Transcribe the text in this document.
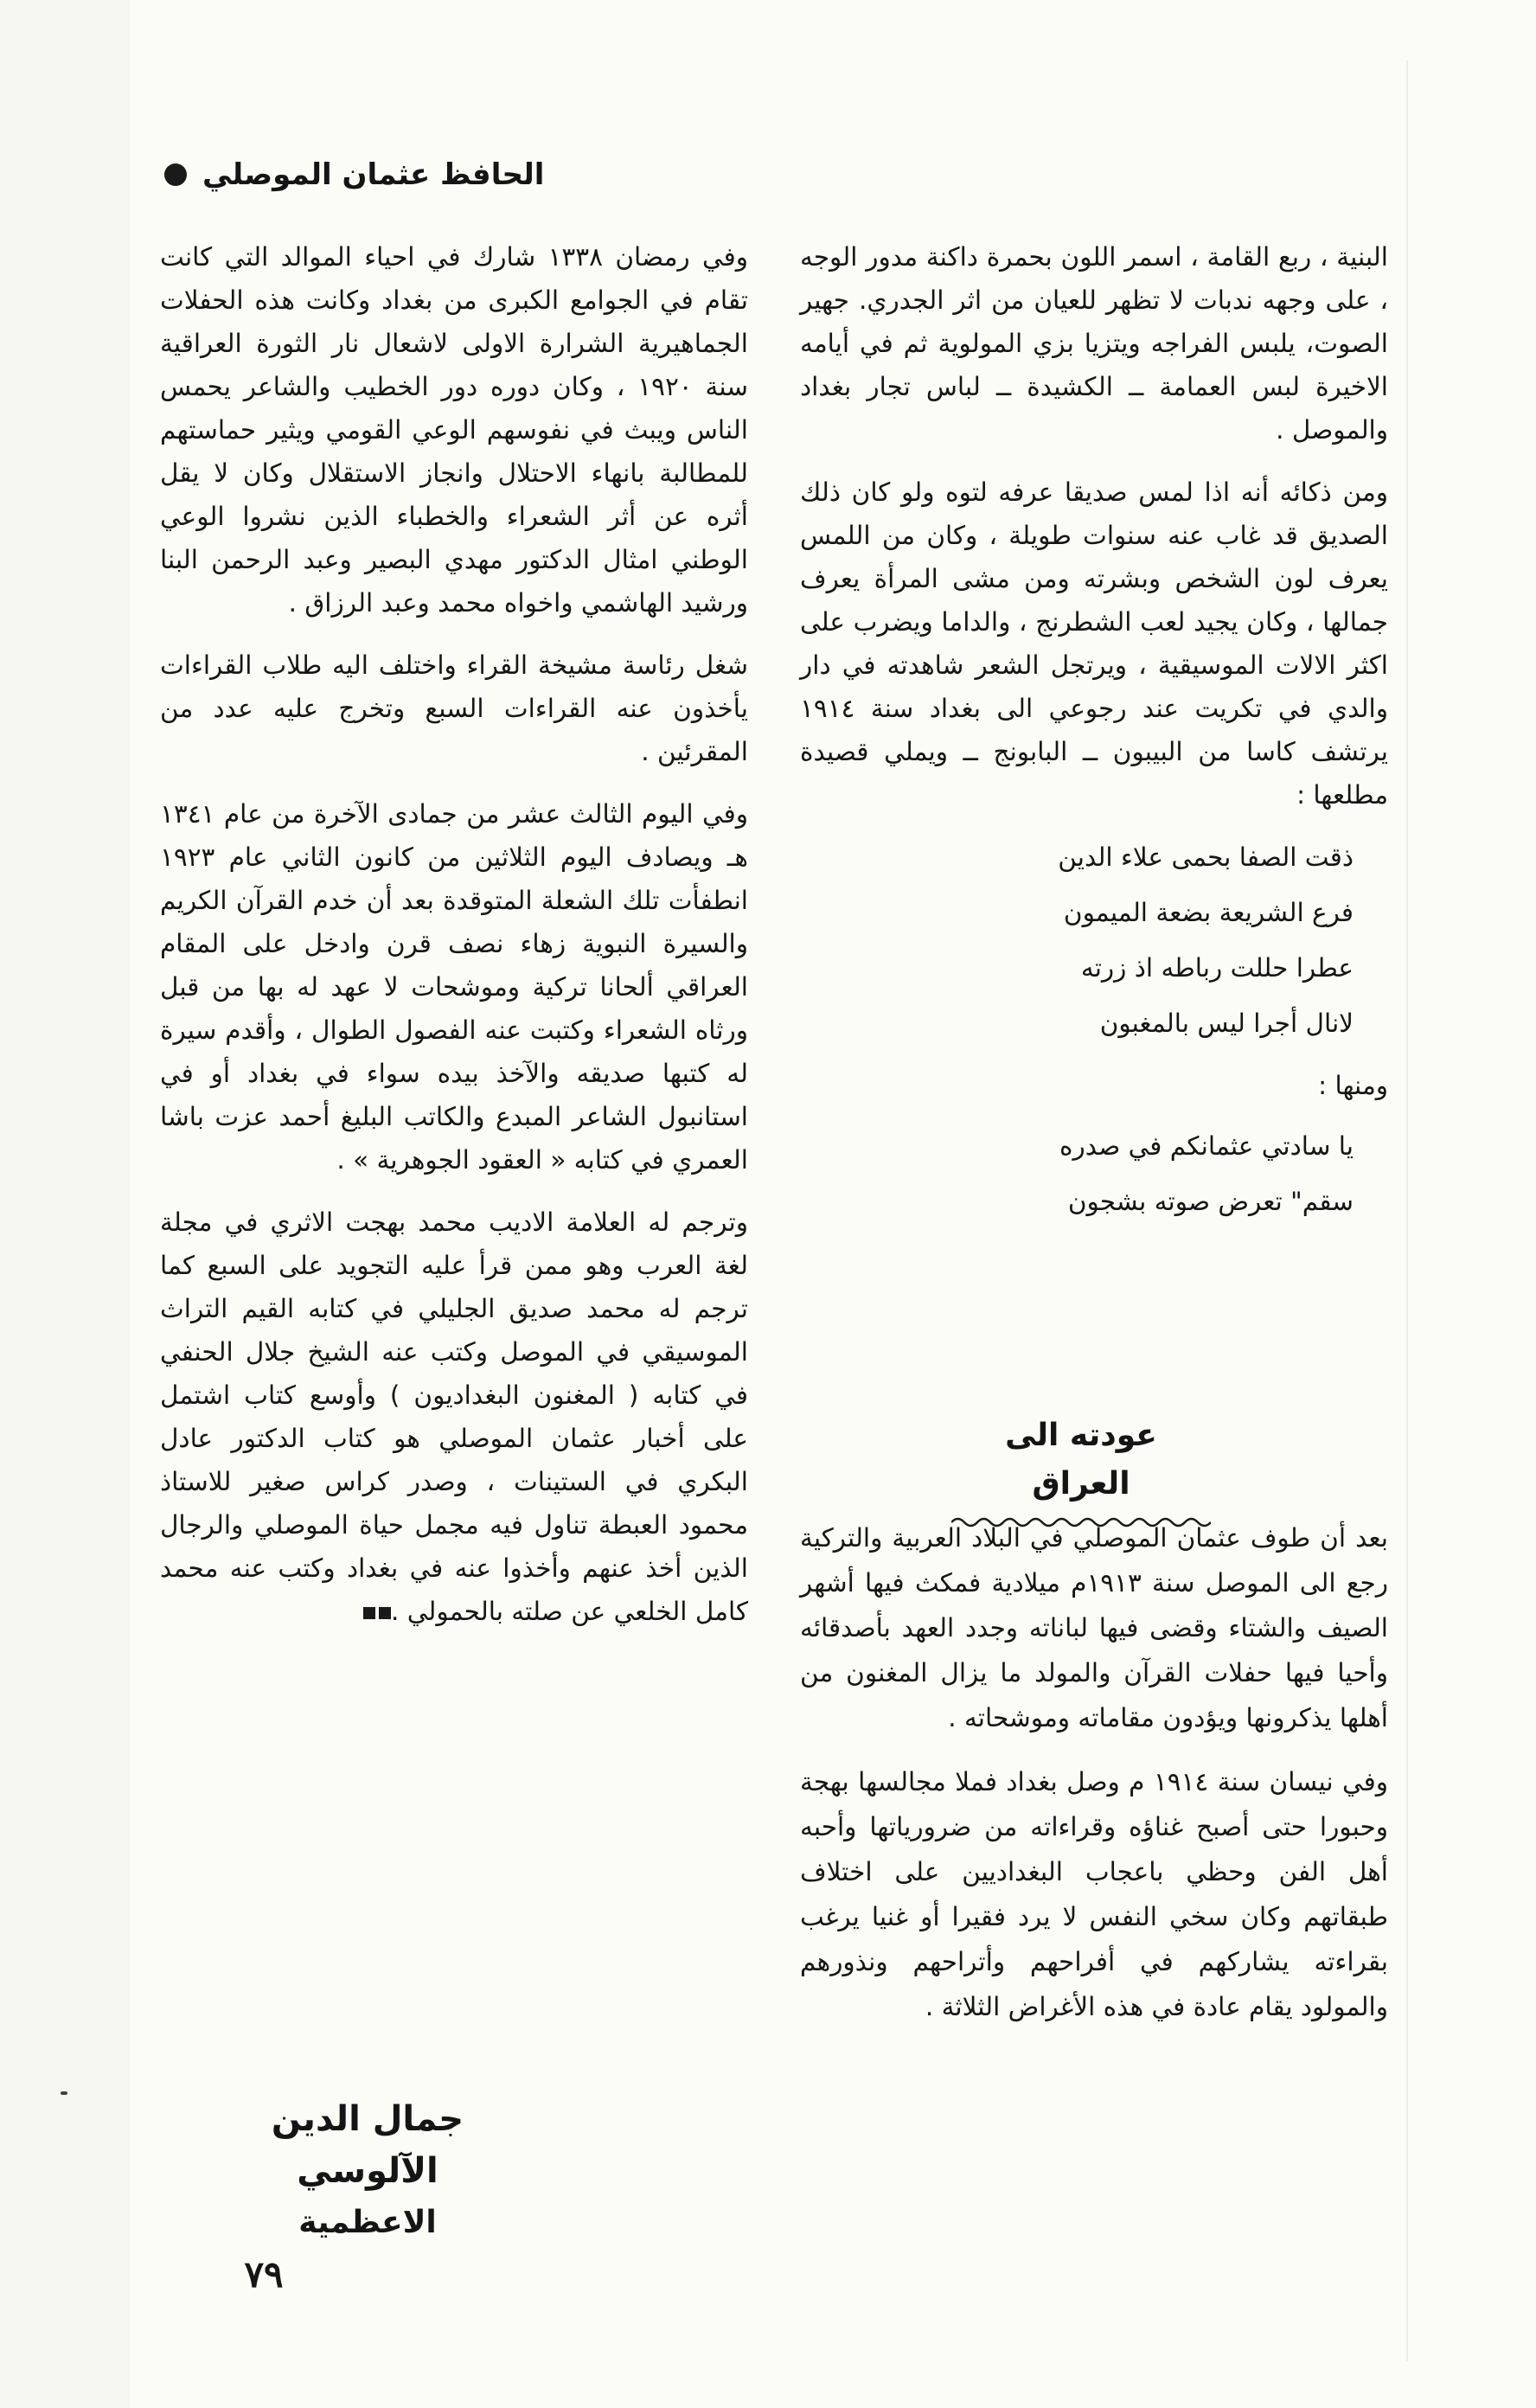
الحافظ عثمان الموصلي

البنية ، ربع القامة ، اسمر اللون بحمرة داكنة مدور الوجه ، على وجهه ندبات لا تظهر للعيان من اثر الجدري. جهير الصوت، يلبس الفراجه ويتزيا بزي المولوية ثم في أيامه الاخيرة لبس العمامة ــ الكشيدة ــ لباس تجار بغداد والموصل .

ومن ذكائه أنه اذا لمس صديقا عرفه لتوه ولو كان ذلك الصديق قد غاب عنه سنوات طويلة ، وكان من اللمس يعرف لون الشخص وبشرته ومن مشى المرأة يعرف جمالها ، وكان يجيد لعب الشطرنج ، والداما ويضرب على اكثر الالات الموسيقية ، ويرتجل الشعر شاهدته في دار والدي في تكريت عند رجوعي الى بغداد سنة ١٩١٤ يرتشف كاسا من البيبون ــ البابونج ــ ويملي قصيدة مطلعها :

ذقت الصفا بحمى علاء الدين
فرع الشريعة بضعة الميمون
عطرا حللت رباطه اذ زرته
لانال أجرا ليس بالمغبون

ومنها :

يا سادتي عثمانكم في صدره
سقم" تعرض صوته بشجون
عودته الى العراق

بعد أن طوف عثمان الموصلي في البلاد العربية والتركية رجع الى الموصل سنة ١٩١٣م ميلادية فمكث فيها أشهر الصيف والشتاء وقضى فيها لباناته وجدد العهد بأصدقائه وأحيا فيها حفلات القرآن والمولد ما يزال المغنون من أهلها يذكرونها ويؤدون مقاماته وموشحاته .

وفي نيسان سنة ١٩١٤ م وصل بغداد فملا مجالسها بهجة وحبورا حتى أصبح غناؤه وقراءاته من ضرورياتها وأحبه أهل الفن وحظي باعجاب البغداديين على اختلاف طبقاتهم وكان سخي النفس لا يرد فقيرا أو غنيا يرغب بقراءته يشاركهم في أفراحهم وأتراحهم ونذورهم والمولود يقام عادة في هذه الأغراض الثلاثة .

وفي رمضان ١٣٣٨ شارك في احياء الموالد التي كانت تقام في الجوامع الكبرى من بغداد وكانت هذه الحفلات الجماهيرية الشرارة الاولى لاشعال نار الثورة العراقية سنة ١٩٢٠ ، وكان دوره دور الخطيب والشاعر يحمس الناس ويبث في نفوسهم الوعي القومي ويثير حماستهم للمطالبة بانهاء الاحتلال وانجاز الاستقلال وكان لا يقل أثره عن أثر الشعراء والخطباء الذين نشروا الوعي الوطني امثال الدكتور مهدي البصير وعبد الرحمن البنا ورشيد الهاشمي واخواه محمد وعبد الرزاق .

شغل رئاسة مشيخة القراء واختلف اليه طلاب القراءات يأخذون عنه القراءات السبع وتخرج عليه عدد من المقرئين .

وفي اليوم الثالث عشر من جمادى الآخرة من عام ١٣٤١ هـ ويصادف اليوم الثلاثين من كانون الثاني عام ١٩٢٣ انطفأت تلك الشعلة المتوقدة بعد أن خدم القرآن الكريم والسيرة النبوية زهاء نصف قرن وادخل على المقام العراقي ألحانا تركية وموشحات لا عهد له بها من قبل ورثاه الشعراء وكتبت عنه الفصول الطوال ، وأقدم سيرة له كتبها صديقه والآخذ بيده سواء في بغداد أو في استانبول الشاعر المبدع والكاتب البليغ أحمد عزت باشا العمري في كتابه « العقود الجوهرية » .

وترجم له العلامة الاديب محمد بهجت الاثري في مجلة لغة العرب وهو ممن قرأ عليه التجويد على السبع كما ترجم له محمد صديق الجليلي في كتابه القيم التراث الموسيقي في الموصل وكتب عنه الشيخ جلال الحنفي في كتابه ( المغنون البغداديون ) وأوسع كتاب اشتمل على أخبار عثمان الموصلي هو كتاب الدكتور عادل البكري في الستينات ، وصدر كراس صغير للاستاذ محمود العبطة تناول فيه مجمل حياة الموصلي والرجال الذين أخذ عنهم وأخذوا عنه في بغداد وكتب عنه محمد كامل الخلعي عن صلته بالحمولي .

جمال الدين الآلوسي
الاعظمية
٧٩
